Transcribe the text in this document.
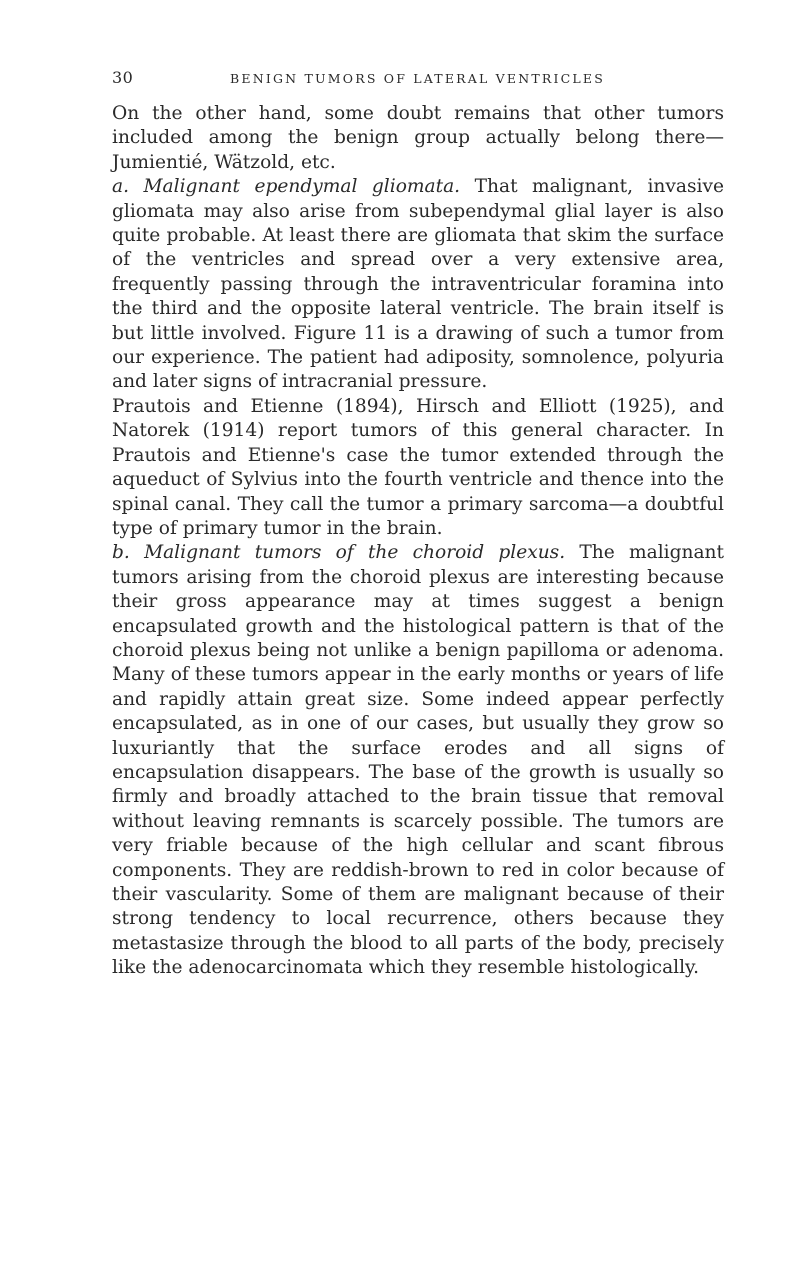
30	BENIGN TUMORS OF LATERAL VENTRICLES

On the other hand, some doubt remains that other tumors included among the benign group actually belong there—Jumientié, Wätzold, etc.

a. Malignant ependymal gliomata. That malignant, invasive gliomata may also arise from subependymal glial layer is also quite probable. At least there are gliomata that skim the surface of the ventricles and spread over a very extensive area, frequently passing through the intraventricular foramina into the third and the opposite lateral ventricle. The brain itself is but little involved. Figure 11 is a drawing of such a tumor from our experience. The patient had adiposity, somnolence, polyuria and later signs of intracranial pressure.

Prautois and Etienne (1894), Hirsch and Elliott (1925), and Natorek (1914) report tumors of this general character. In Prautois and Etienne's case the tumor extended through the aqueduct of Sylvius into the fourth ventricle and thence into the spinal canal. They call the tumor a primary sarcoma—a doubtful type of primary tumor in the brain.

b. Malignant tumors of the choroid plexus. The malignant tumors arising from the choroid plexus are interesting because their gross appearance may at times suggest a benign encapsulated growth and the histological pattern is that of the choroid plexus being not unlike a benign papilloma or adenoma. Many of these tumors appear in the early months or years of life and rapidly attain great size. Some indeed appear perfectly encapsulated, as in one of our cases, but usually they grow so luxuriantly that the surface erodes and all signs of encapsulation disappears. The base of the growth is usually so firmly and broadly attached to the brain tissue that removal without leaving remnants is scarcely possible. The tumors are very friable because of the high cellular and scant fibrous components. They are reddish-brown to red in color because of their vascularity. Some of them are malignant because of their strong tendency to local recurrence, others because they metastasize through the blood to all parts of the body, precisely like the adenocarcinomata which they resemble histologically.
